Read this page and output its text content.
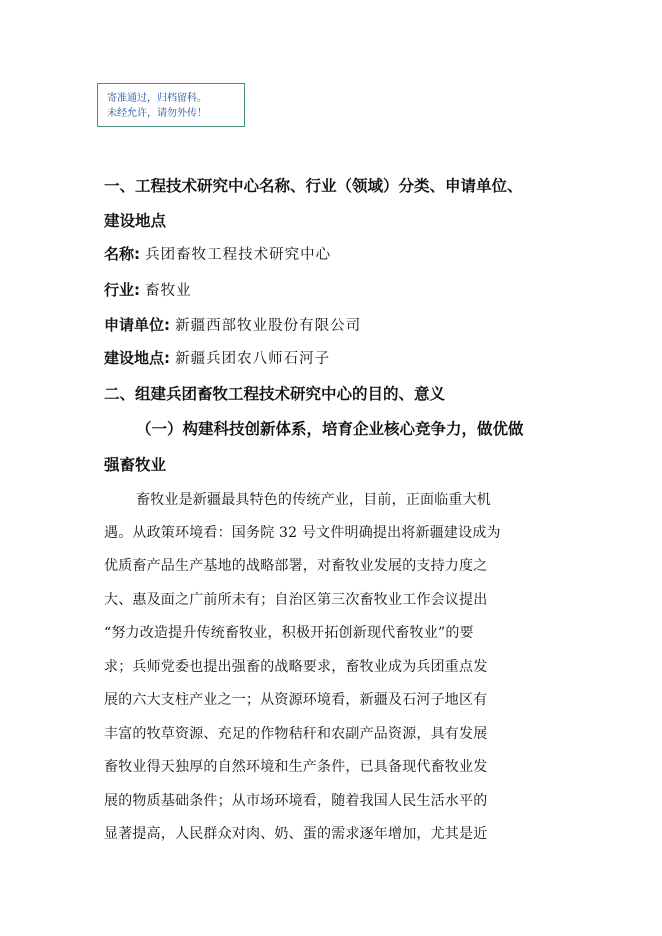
寄准通过，归档留科。
未经允许，请勿外传！
一、工程技术研究中心名称、行业（领域）分类、申请单位、
建设地点
名称: 兵团畜牧工程技术研究中心
行业: 畜牧业
申请单位: 新疆西部牧业股份有限公司
建设地点: 新疆兵团农八师石河子
二、组建兵团畜牧工程技术研究中心的目的、意义
（一）构建科技创新体系，培育企业核心竞争力，做优做
强畜牧业
畜牧业是新疆最具特色的传统产业，目前，正面临重大机
遇。从政策环境看：国务院 32 号文件明确提出将新疆建设成为
优质畜产品生产基地的战略部署，对畜牧业发展的支持力度之
大、惠及面之广前所未有；自治区第三次畜牧业工作会议提出
“努力改造提升传统畜牧业，积极开拓创新现代畜牧业”的要
求；兵师党委也提出强畜的战略要求，畜牧业成为兵团重点发
展的六大支柱产业之一；从资源环境看，新疆及石河子地区有
丰富的牧草资源、充足的作物秸秆和农副产品资源，具有发展
畜牧业得天独厚的自然环境和生产条件，已具备现代畜牧业发
展的物质基础条件；从市场环境看，随着我国人民生活水平的
显著提高，人民群众对肉、奶、蛋的需求逐年增加，尤其是近
